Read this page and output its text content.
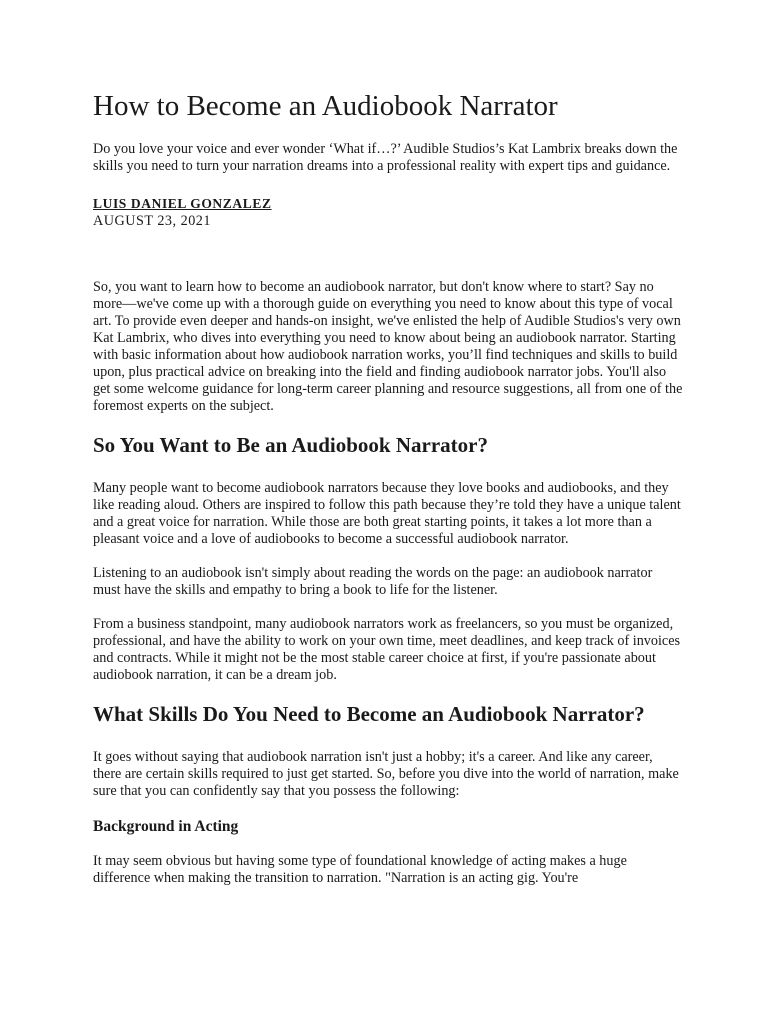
How to Become an Audiobook Narrator

Do you love your voice and ever wonder ‘What if…?’ Audible Studios’s Kat Lambrix breaks down the skills you need to turn your narration dreams into a professional reality with expert tips and guidance.

LUIS DANIEL GONZALEZ
AUGUST 23, 2021

So, you want to learn how to become an audiobook narrator, but don't know where to start? Say no more—we've come up with a thorough guide on everything you need to know about this type of vocal art. To provide even deeper and hands-on insight, we've enlisted the help of Audible Studios's very own Kat Lambrix, who dives into everything you need to know about being an audiobook narrator. Starting with basic information about how audiobook narration works, you’ll find techniques and skills to build upon, plus practical advice on breaking into the field and finding audiobook narrator jobs. You'll also get some welcome guidance for long-term career planning and resource suggestions, all from one of the foremost experts on the subject.

So You Want to Be an Audiobook Narrator?

Many people want to become audiobook narrators because they love books and audiobooks, and they like reading aloud. Others are inspired to follow this path because they’re told they have a unique talent and a great voice for narration. While those are both great starting points, it takes a lot more than a pleasant voice and a love of audiobooks to become a successful audiobook narrator.

Listening to an audiobook isn't simply about reading the words on the page: an audiobook narrator must have the skills and empathy to bring a book to life for the listener.

From a business standpoint, many audiobook narrators work as freelancers, so you must be organized, professional, and have the ability to work on your own time, meet deadlines, and keep track of invoices and contracts. While it might not be the most stable career choice at first, if you're passionate about audiobook narration, it can be a dream job.

What Skills Do You Need to Become an Audiobook Narrator?

It goes without saying that audiobook narration isn't just a hobby; it's a career. And like any career, there are certain skills required to just get started. So, before you dive into the world of narration, make sure that you can confidently say that you possess the following:

Background in Acting

It may seem obvious but having some type of foundational knowledge of acting makes a huge difference when making the transition to narration. "Narration is an acting gig. You're
